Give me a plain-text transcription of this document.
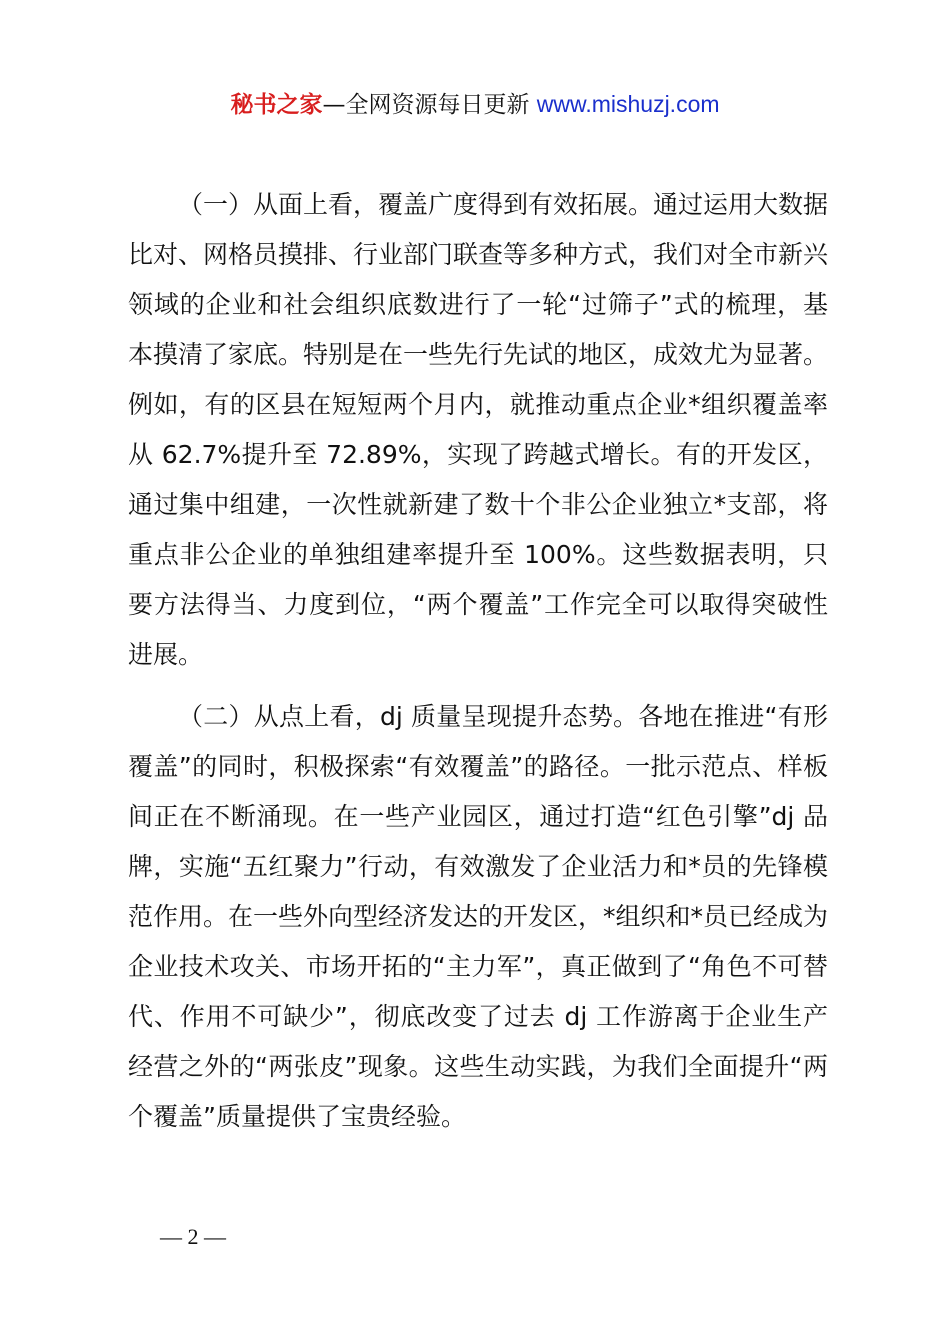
秘书之家—全网资源每日更新 www.mishuzj.com

（一）从面上看，覆盖广度得到有效拓展。通过运用大数据比对、网格员摸排、行业部门联查等多种方式，我们对全市新兴领域的企业和社会组织底数进行了一轮“过筛子”式的梳理，基本摸清了家底。特别是在一些先行先试的地区，成效尤为显著。例如，有的区县在短短两个月内，就推动重点企业*组织覆盖率从 62.7%提升至 72.89%，实现了跨越式增长。有的开发区，通过集中组建，一次性就新建了数十个非公企业独立*支部，将重点非公企业的单独组建率提升至 100%。这些数据表明，只要方法得当、力度到位，“两个覆盖”工作完全可以取得突破性进展。

（二）从点上看，dj 质量呈现提升态势。各地在推进“有形覆盖”的同时，积极探索“有效覆盖”的路径。一批示范点、样板间正在不断涌现。在一些产业园区，通过打造“红色引擎”dj 品牌，实施“五红聚力”行动，有效激发了企业活力和*员的先锋模范作用。在一些外向型经济发达的开发区，*组织和*员已经成为企业技术攻关、市场开拓的“主力军”，真正做到了“角色不可替代、作用不可缺少”，彻底改变了过去 dj 工作游离于企业生产经营之外的“两张皮”现象。这些生动实践，为我们全面提升“两个覆盖”质量提供了宝贵经验。

— 2 —
